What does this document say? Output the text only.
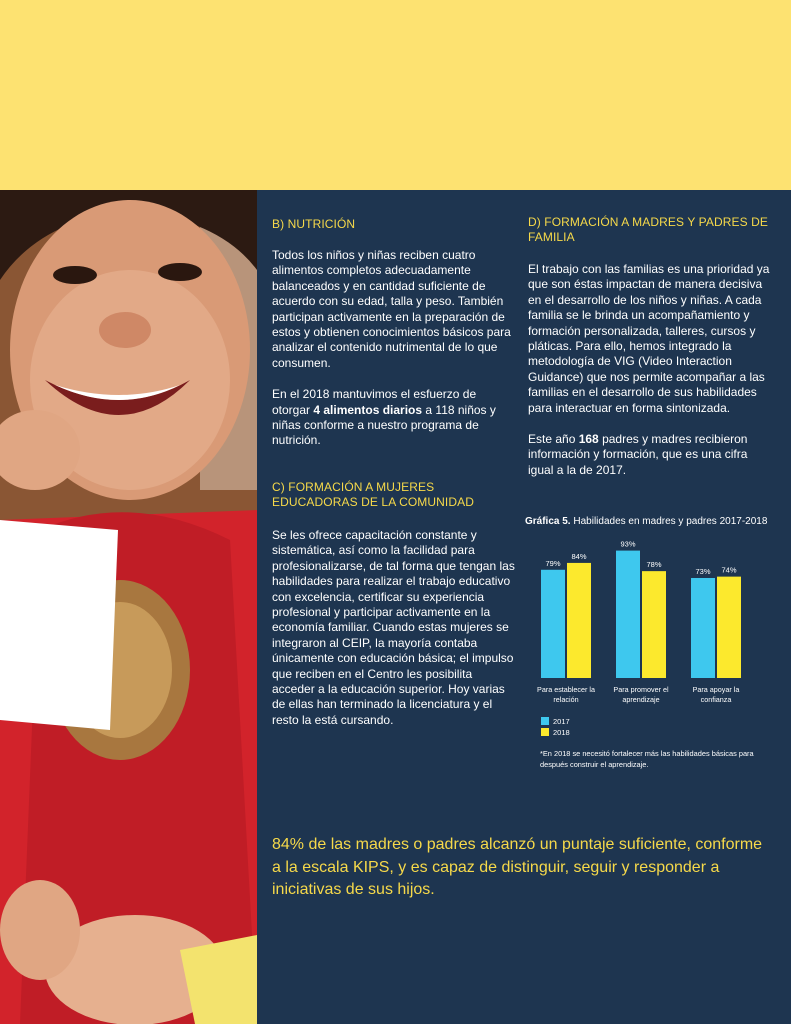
B) NUTRICIÓN

Todos los niños y niñas reciben cuatro alimentos completos adecuadamente balanceados y en cantidad suficiente de acuerdo con su edad, talla y peso. También participan activamente en la preparación de estos y obtienen conocimientos básicos para analizar el contenido nutrimental de lo que consumen.

En el 2018 mantuvimos el esfuerzo de otorgar 4 alimentos diarios a 118 niños y niñas conforme a nuestro programa de nutrición.

C) FORMACIÓN A MUJERES EDUCADORAS DE LA COMUNIDAD

Se les ofrece capacitación constante y sistemática, así como la facilidad para profesionalizarse, de tal forma que tengan las habilidades para realizar el trabajo educativo con excelencia, certificar su experiencia profesional y participar activamente en la economía familiar. Cuando estas mujeres se integraron al CEIP, la mayoría contaba únicamente con educación básica; el impulso que reciben en el Centro les posibilita acceder a la educación superior. Hoy varias de ellas han terminado la licenciatura y el resto la está cursando.

D) FORMACIÓN A MADRES Y PADRES DE FAMILIA

El trabajo con las familias es una prioridad ya que son éstas impactan de manera decisiva en el desarrollo de los niños y niñas. A cada familia se le brinda un acompañamiento y formación personalizada, talleres, cursos y pláticas. Para ello, hemos integrado la metodología de VIG (Video Interaction Guidance) que nos permite acompañar a las familias en el desarrollo de sus habilidades para interactuar en forma sintonizada.

Este año 168 padres y madres recibieron información y formación, que es una cifra igual a la de 2017.

Gráfica 5. Habilidades en madres y padres 2017-2018
79%
84%
Para establecer la
relación
93%
78%
Para promover el
aprendizaje
73% 74%
Para apoyar la
confianza
2017
2018
*En 2018 se necesitó fortalecer más las habilidades básicas para después construir el aprendizaje.
84% de las madres o padres alcanzó un puntaje suficiente, conforme a la escala KIPS, y es capaz de distinguir, seguir y responder a iniciativas de sus hijos.
